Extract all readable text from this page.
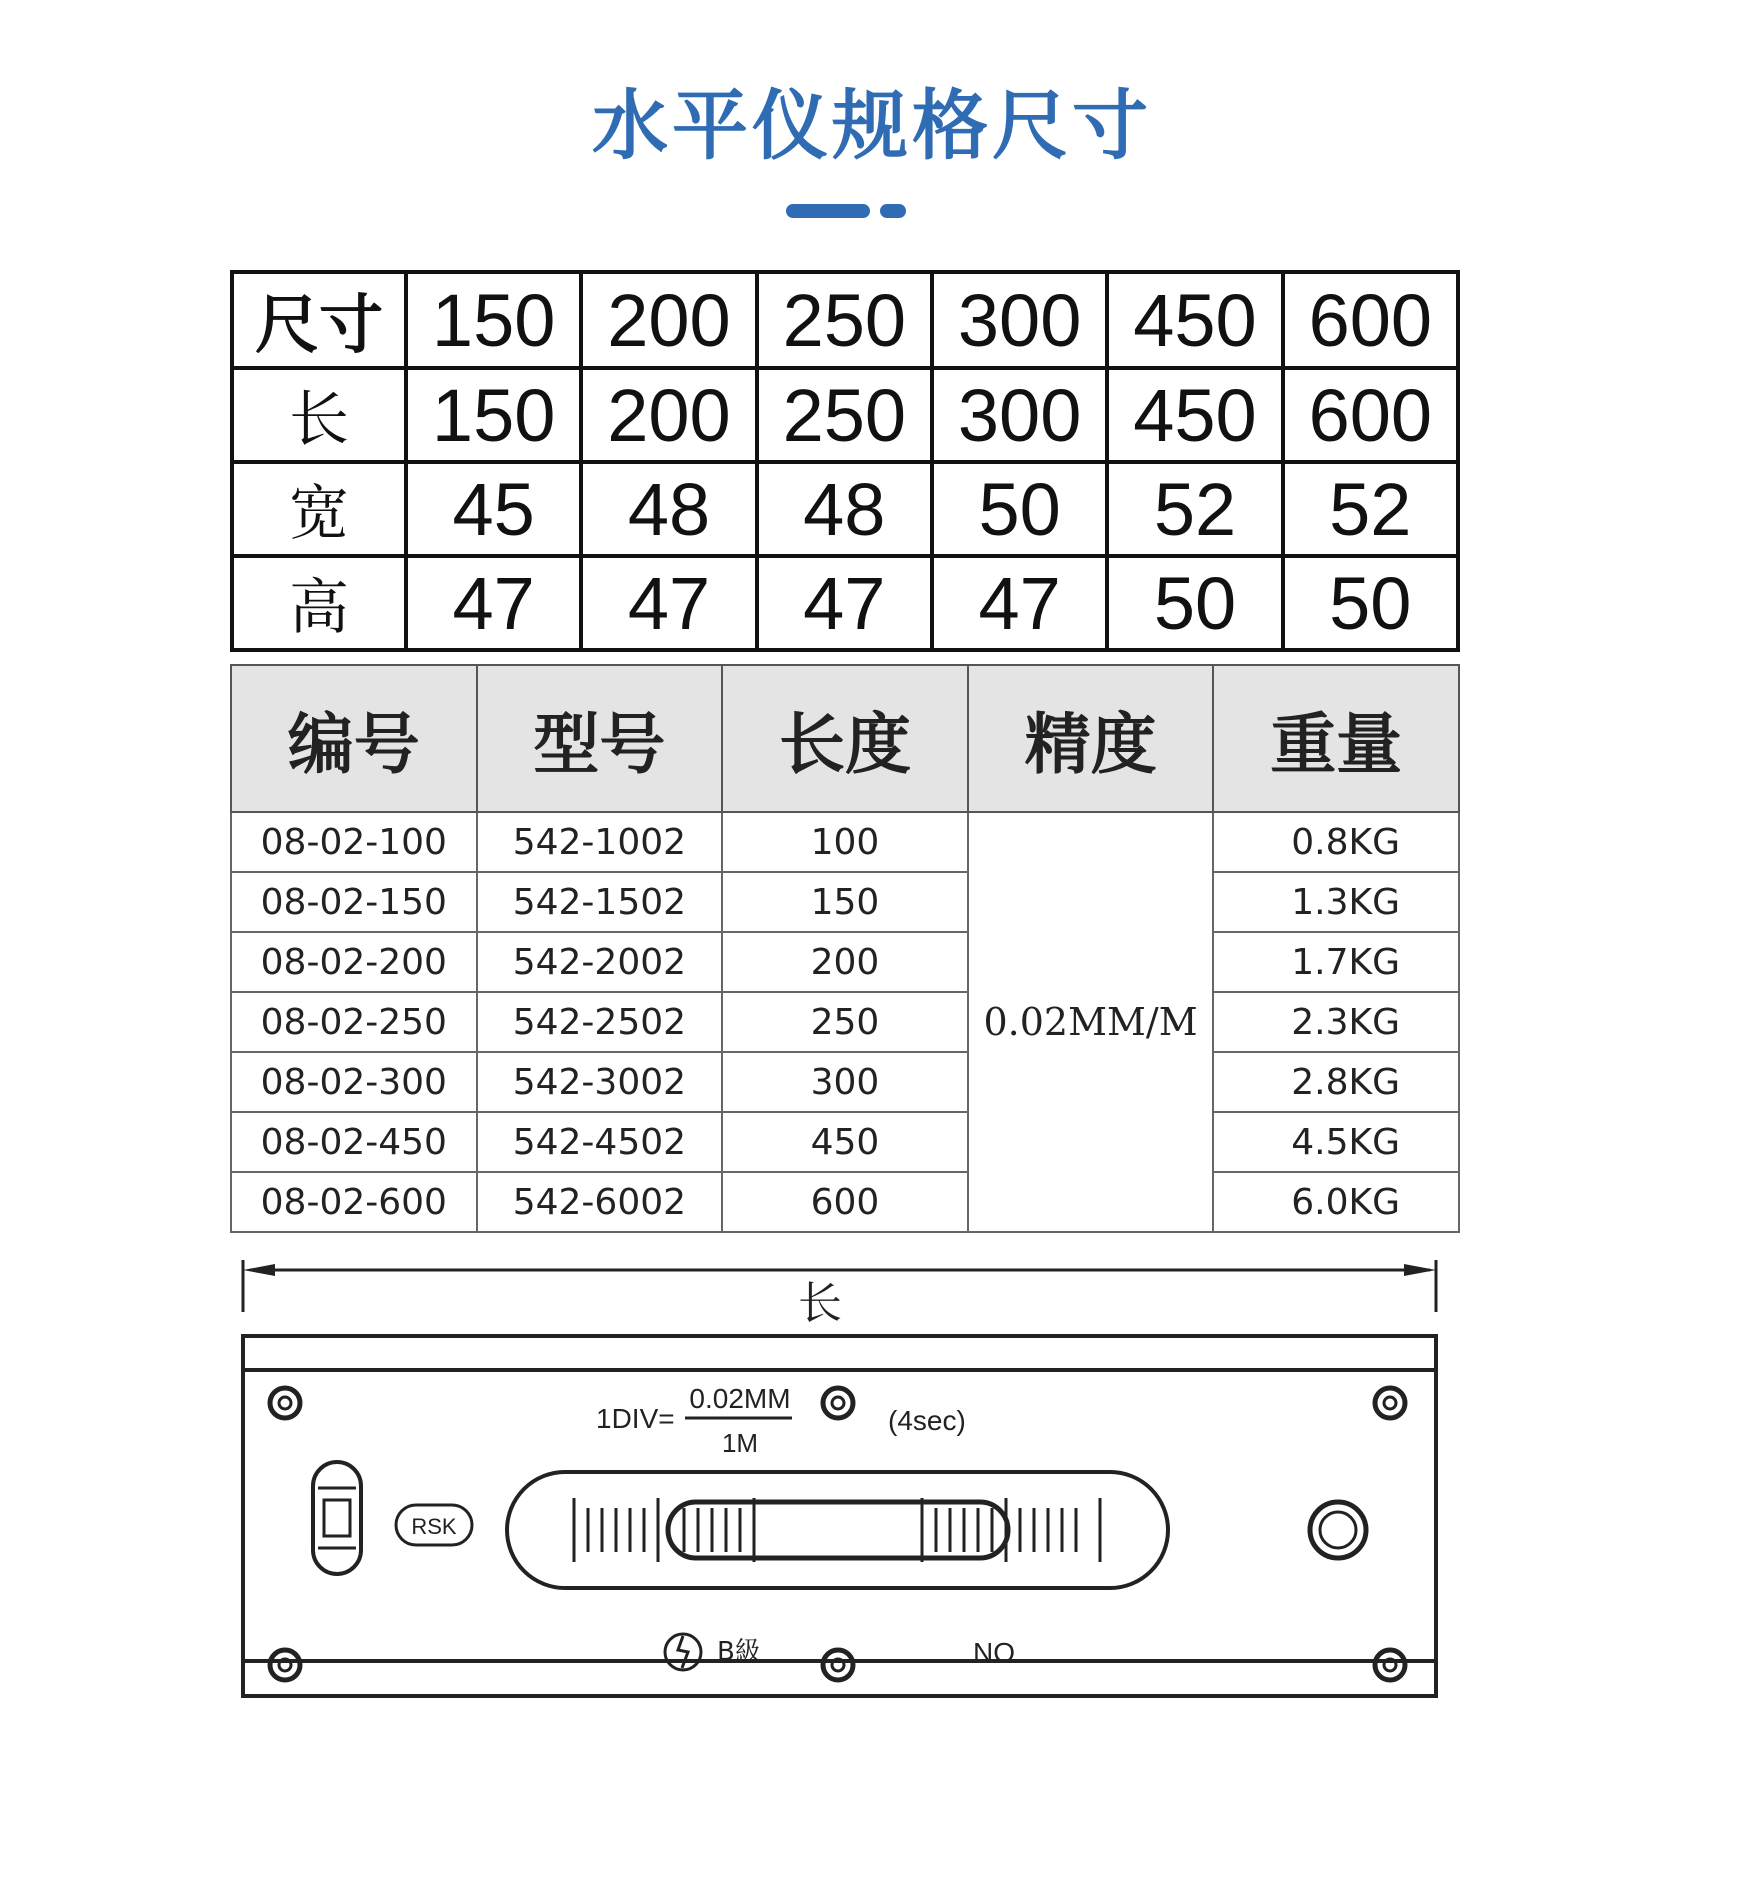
水平仪规格尺寸
尺寸	150	200	250	300	450	600
长	150	200	250	300	450	600
宽	45	48	48	50	52	52
高	47	47	47	47	50	50
编号	型号	长度	精度	重量
08-02-100	542-1002	100	0.02MM/M	0.8KG
08-02-150	542-1502	150		1.3KG
08-02-200	542-2002	200		1.7KG
08-02-250	542-2502	250		2.3KG
08-02-300	542-3002	300		2.8KG
08-02-450	542-4502	450		4.5KG
08-02-600	542-6002	600		6.0KG
长
1DIV=
0.02MM
1M
(4sec)
RSK
B級	NO.
